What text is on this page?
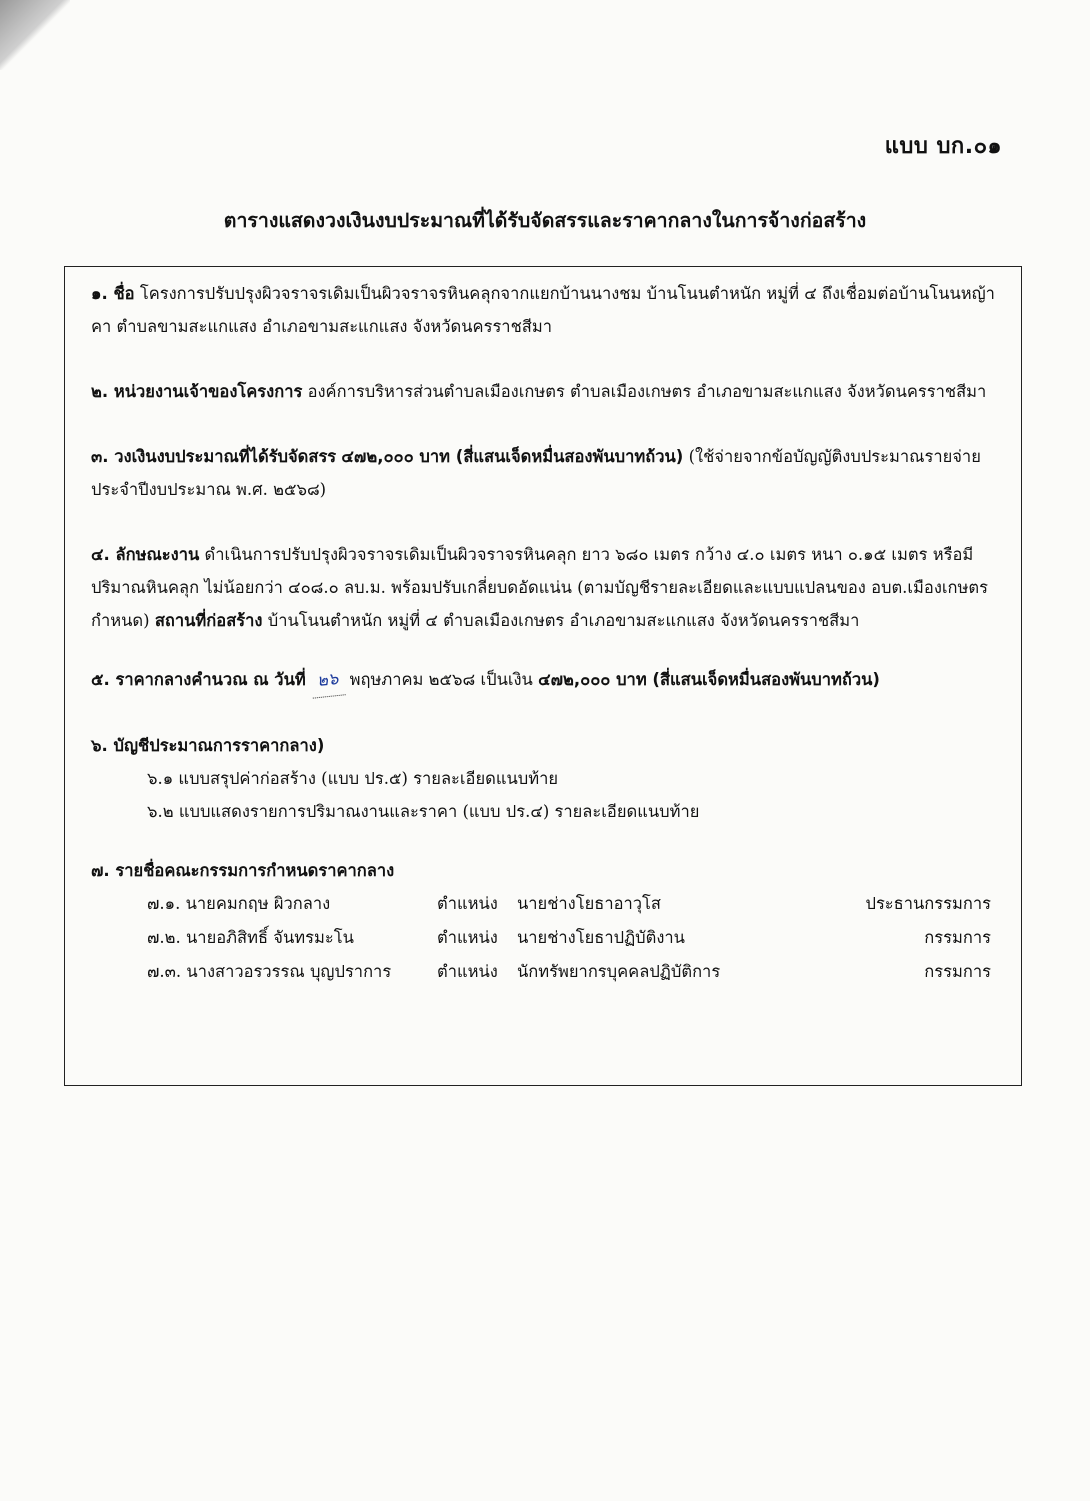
แบบ บก.๐๑
ตารางแสดงวงเงินงบประมาณที่ได้รับจัดสรรและราคากลางในการจ้างก่อสร้าง

๑. ชื่อ โครงการปรับปรุงผิวจราจรเดิมเป็นผิวจราจรหินคลุกจากแยกบ้านนางชม บ้านโนนตำหนัก หมู่ที่ ๔ ถึงเชื่อมต่อบ้านโนนหญ้าคา ตำบลขามสะแกแสง อำเภอขามสะแกแสง จังหวัดนครราชสีมา

๒. หน่วยงานเจ้าของโครงการ องค์การบริหารส่วนตำบลเมืองเกษตร ตำบลเมืองเกษตร อำเภอขามสะแกแสง จังหวัดนครราชสีมา

๓. วงเงินงบประมาณที่ได้รับจัดสรร ๔๗๒,๐๐๐ บาท (สี่แสนเจ็ดหมื่นสองพันบาทถ้วน) (ใช้จ่ายจากข้อบัญญัติงบประมาณรายจ่ายประจำปีงบประมาณ พ.ศ. ๒๕๖๘)

๔. ลักษณะงาน ดำเนินการปรับปรุงผิวจราจรเดิมเป็นผิวจราจรหินคลุก ยาว ๖๘๐ เมตร กว้าง ๔.๐ เมตร หนา ๐.๑๕ เมตร หรือมีปริมาณหินคลุก ไม่น้อยกว่า ๔๐๘.๐ ลบ.ม. พร้อมปรับเกลี่ยบดอัดแน่น (ตามบัญชีรายละเอียดและแบบแปลนของ อบต.เมืองเกษตรกำหนด) สถานที่ก่อสร้าง บ้านโนนตำหนัก หมู่ที่ ๔ ตำบลเมืองเกษตร อำเภอขามสะแกแสง จังหวัดนครราชสีมา

๕. ราคากลางคำนวณ ณ วันที่ ๒๖ พฤษภาคม ๒๕๖๘ เป็นเงิน ๔๗๒,๐๐๐ บาท (สี่แสนเจ็ดหมื่นสองพันบาทถ้วน)

๖. บัญชีประมาณการราคากลาง)
๖.๑ แบบสรุปค่าก่อสร้าง (แบบ ปร.๕) รายละเอียดแนบท้าย
๖.๒ แบบแสดงรายการปริมาณงานและราคา (แบบ ปร.๔) รายละเอียดแนบท้าย
๗. รายชื่อคณะกรรมการกำหนดราคากลาง
๗.๑. นายคมกฤษ ผิวกลาง	ตำแหน่ง	นายช่างโยธาอาวุโส	ประธานกรรมการ
๗.๒. นายอภิสิทธิ์ จันทรมะโน	ตำแหน่ง	นายช่างโยธาปฏิบัติงาน	กรรมการ
๗.๓. นางสาวอรวรรณ บุญปราการ	ตำแหน่ง	นักทรัพยากรบุคคลปฏิบัติการ	กรรมการ
